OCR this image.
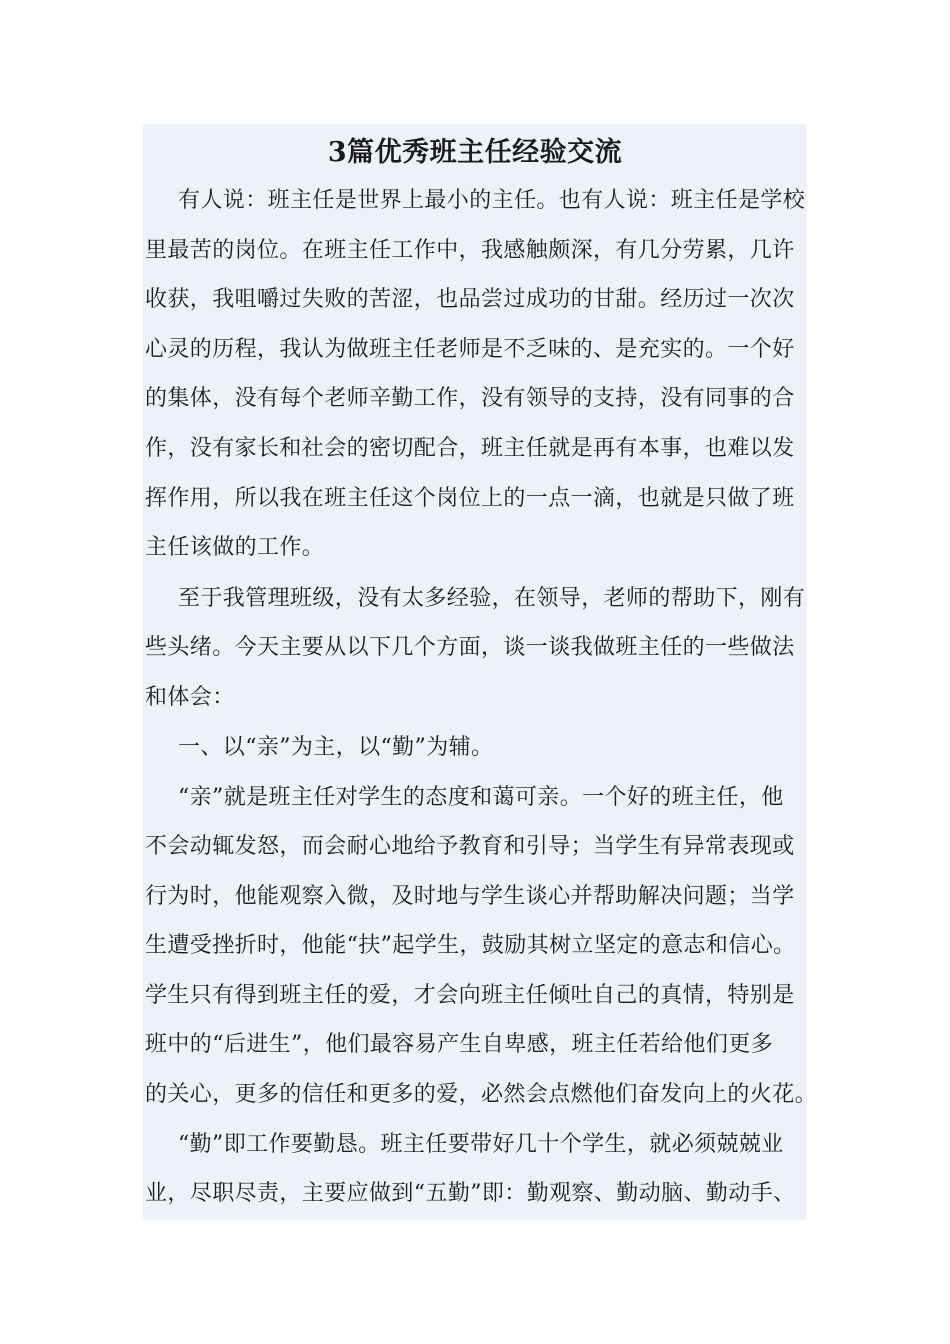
3篇优秀班主任经验交流

有人说：班主任是世界上最小的主任。也有人说：班主任是学校

里最苦的岗位。在班主任工作中，我感触颇深，有几分劳累，几许

收获，我咀嚼过失败的苦涩，也品尝过成功的甘甜。经历过一次次

心灵的历程，我认为做班主任老师是不乏味的、是充实的。一个好

的集体，没有每个老师辛勤工作，没有领导的支持，没有同事的合

作，没有家长和社会的密切配合，班主任就是再有本事，也难以发

挥作用，所以我在班主任这个岗位上的一点一滴，也就是只做了班

主任该做的工作。

至于我管理班级，没有太多经验，在领导，老师的帮助下，刚有

些头绪。今天主要从以下几个方面，谈一谈我做班主任的一些做法

和体会：

一、以“亲”为主，以“勤”为辅。

“亲”就是班主任对学生的态度和蔼可亲。一个好的班主任，他

不会动辄发怒，而会耐心地给予教育和引导；当学生有异常表现或

行为时，他能观察入微，及时地与学生谈心并帮助解决问题；当学

生遭受挫折时，他能“扶”起学生，鼓励其树立坚定的意志和信心。

学生只有得到班主任的爱，才会向班主任倾吐自己的真情，特别是

班中的“后进生”，他们最容易产生自卑感，班主任若给他们更多

的关心，更多的信任和更多的爱，必然会点燃他们奋发向上的火花。

“勤”即工作要勤恳。班主任要带好几十个学生，就必须兢兢业

业，尽职尽责，主要应做到“五勤”即：勤观察、勤动脑、勤动手、
